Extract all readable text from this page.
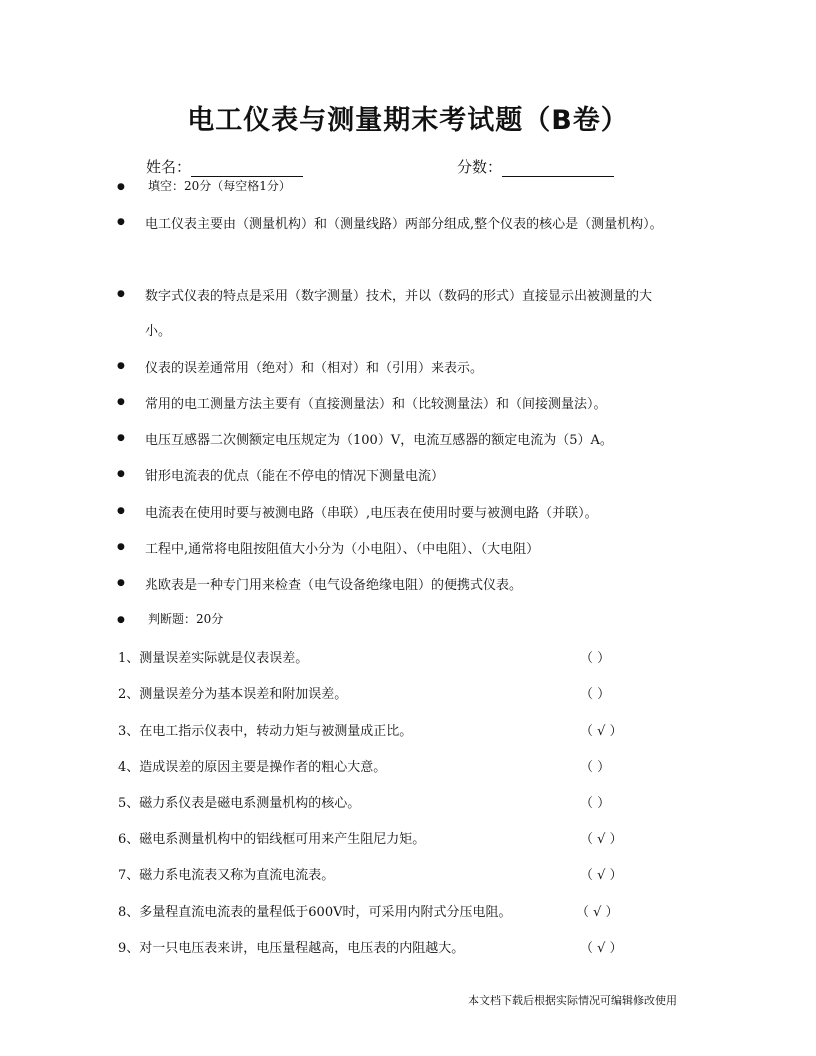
电工仪表与测量期末考试题（B卷）
姓名：	分数：
● 填空：20分（每空格1分）
● 电工仪表主要由（测量机构）和（测量线路）两部分组成,整个仪表的核心是（测量机构）。
● 数字式仪表的特点是采用（数字测量）技术，并以（数码的形式）直接显示出被测量的大
小。
● 仪表的误差通常用（绝对）和（相对）和（引用）来表示。
● 常用的电工测量方法主要有（直接测量法）和（比较测量法）和（间接测量法）。
● 电压互感器二次侧额定电压规定为（100）V，电流互感器的额定电流为（5）A。
● 钳形电流表的优点（能在不停电的情况下测量电流）
● 电流表在使用时要与被测电路（串联）,电压表在使用时要与被测电路（并联）。
● 工程中,通常将电阻按阻值大小分为（小电阻）、（中电阻）、（大电阻）
● 兆欧表是一种专门用来检查（电气设备绝缘电阻）的便携式仪表。
● 判断题：20分
1、测量误差实际就是仪表误差。	（ ）
2、测量误差分为基本误差和附加误差。	（ ）
3、在电工指示仪表中，转动力矩与被测量成正比。	（ √ ）
4、造成误差的原因主要是操作者的粗心大意。	（ ）
5、磁力系仪表是磁电系测量机构的核心。	（ ）
6、磁电系测量机构中的铝线框可用来产生阻尼力矩。	（ √ ）
7、磁力系电流表又称为直流电流表。	（ √ ）
8、多量程直流电流表的量程低于600V时，可采用内附式分压电阻。	（ √ ）
9、对一只电压表来讲，电压量程越高，电压表的内阻越大。	（ √ ）
本文档下载后根据实际情况可编辑修改使用
